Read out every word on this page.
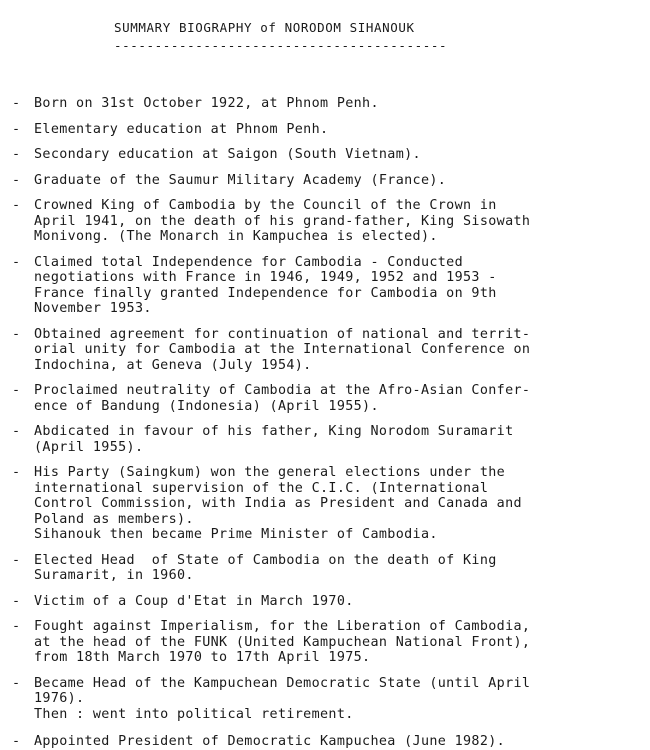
SUMMARY BIOGRAPHY of NORODOM SIHANOUK
-----------------------------------------
- Born on 31st October 1922, at Phnom Penh.
- Elementary education at Phnom Penh.
- Secondary education at Saigon (South Vietnam).
- Graduate of the Saumur Military Academy (France).
- Crowned King of Cambodia by the Council of the Crown in
April 1941, on the death of his grand-father, King Sisowath
Monivong. (The Monarch in Kampuchea is elected).
- Claimed total Independence for Cambodia - Conducted
negotiations with France in 1946, 1949, 1952 and 1953 -
France finally granted Independence for Cambodia on 9th
November 1953.
- Obtained agreement for continuation of national and territ-
orial unity for Cambodia at the International Conference on
Indochina, at Geneva (July 1954).
- Proclaimed neutrality of Cambodia at the Afro-Asian Confer-
ence of Bandung (Indonesia) (April 1955).
- Abdicated in favour of his father, King Norodom Suramarit
(April 1955).
- His Party (Saingkum) won the general elections under the
international supervision of the C.I.C. (International
Control Commission, with India as President and Canada and
Poland as members).
Sihanouk then became Prime Minister of Cambodia.
- Elected Head  of State of Cambodia on the death of King
Suramarit, in 1960.
- Victim of a Coup d'Etat in March 1970.
- Fought against Imperialism, for the Liberation of Cambodia,
at the head of the FUNK (United Kampuchean National Front),
from 18th March 1970 to 17th April 1975.
- Became Head of the Kampuchean Democratic State (until April
1976).
Then : went into political retirement.
- Appointed President of Democratic Kampuchea (June 1982).
